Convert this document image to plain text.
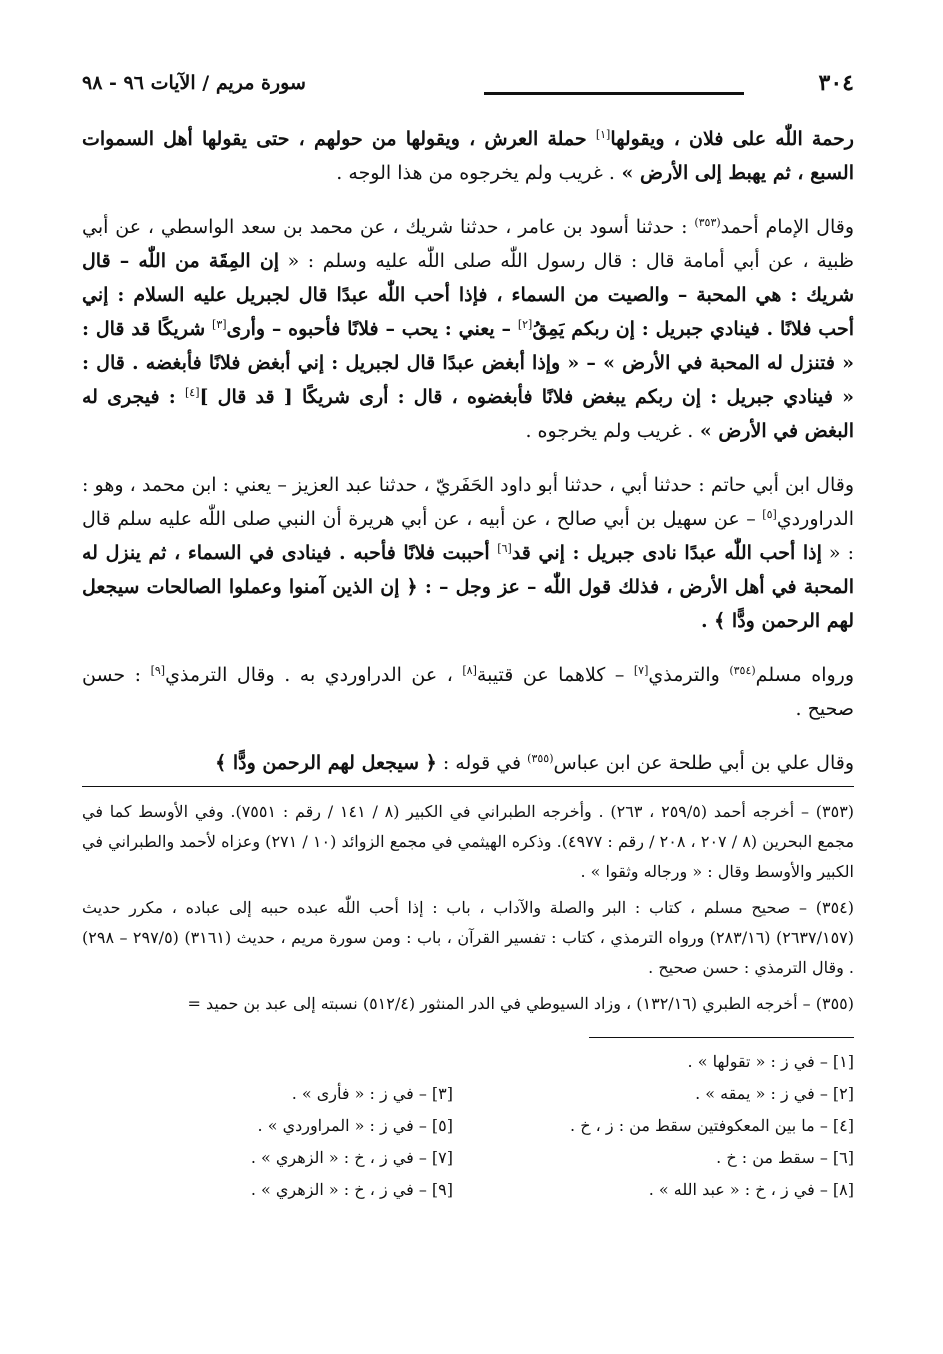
٣٠٤
سورة مريم / الآيات ٩٦ - ٩٨

رحمة اللّٰه على فلان ، ويقولها[١] حملة العرش ، ويقولها من حولهم ، حتى يقولها أهل السموات السبع ، ثم يهبط إلى الأرض » . غريب ولم يخرجوه من هذا الوجه .

وقال الإمام أحمد$^{(٣٥٣)}$ : حدثنا أسود بن عامر ، حدثنا شريك ، عن محمد بن سعد الواسطي ، عن أبي ظبية ، عن أبي أمامة قال : قال رسول اللّٰه صلى اللّٰه عليه وسلم : « إن المِقَة من اللّٰه – قال شريك : هي المحبة – والصيت من السماء ، فإذا أحب اللّٰه عبدًا قال لجبريل عليه السلام : إني أحب فلانًا . فينادي جبريل : إن ربكم يَمِقُ[٢] – يعني : يحب – فلانًا فأحبوه – وأرى[٣] شريكًا قد قال : « فتنزل له المحبة في الأرض » – « وإذا أبغض عبدًا قال لجبريل : إني أبغض فلانًا فأبغضه . قال : « فينادي جبريل : إن ربكم يبغض فلانًا فأبغضوه ، قال : أرى شريكًا [ قد قال ][٤] : فيجرى له البغض في الأرض » . غريب ولم يخرجوه .

وقال ابن أبي حاتم : حدثنا أبي ، حدثنا أبو داود الحَفَريّ ، حدثنا عبد العزيز – يعني : ابن محمد ، وهو : الدراوردي[٥] – عن سهيل بن أبي صالح ، عن أبيه ، عن أبي هريرة أن النبي صلى اللّٰه عليه سلم قال : « إذا أحب اللّٰه عبدًا نادى جبريل : إني قد[٦] أحببت فلانًا فأحبه . فينادى في السماء ، ثم ينزل له المحبة في أهل الأرض ، فذلك قول اللّٰه – عز وجل – : ﴿ إن الذين آمنوا وعملوا الصالحات سيجعل لهم الرحمن ودًّا ﴾ .

ورواه مسلم$^{(٣٥٤)}$ والترمذي[٧] – كلاهما عن قتيبة[٨] ، عن الدراوردي به . وقال الترمذي[٩] : حسن صحيح .

وقال علي بن أبي طلحة عن ابن عباس$^{(٣٥٥)}$ في قوله : ﴿ سيجعل لهم الرحمن ودًّا ﴾

(٣٥٣) – أخرجه أحمد (٢٥٩/٥ ، ٢٦٣) . وأخرجه الطبراني في الكبير (٨ / ١٤١ / رقم : ٧٥٥١). وفي الأوسط كما في مجمع البحرين (٨ / ٢٠٧ ، ٢٠٨ / رقم : ٤٩٧٧). وذكره الهيثمي في مجمع الزوائد (١٠ / ٢٧١) وعزاه لأحمد والطبراني في الكبير والأوسط وقال : « ورجاله وثقوا » .

(٣٥٤) – صحيح مسلم ، كتاب : البر والصلة والآداب ، باب : إذا أحب اللّٰه عبده حببه إلى عباده ، مكرر حديث (٢٦٣٧/١٥٧) (٢٨٣/١٦) ورواه الترمذي ، كتاب : تفسير القرآن ، باب : ومن سورة مريم ، حديث (٣١٦١) (٢٩٧/٥ – ٢٩٨) . وقال الترمذي : حسن صحيح .

(٣٥٥) – أخرجه الطبري (١٣٢/١٦) ، وزاد السيوطي في الدر المنثور (٥١٢/٤) نسبته إلى عبد بن حميد =

[١] – في ز : « تقولها » .
[٢] – في ز : « يمقه » .
[٣] – في ز : « فأرى » .
[٤] – ما بين المعكوفتين سقط من : ز ، خ .
[٥] – في ز : « المراوردي » .
[٦] – سقط من : خ .
[٧] – في ز ، خ : « الزهري » .
[٨] – في ز ، خ : « عبد الله » .
[٩] – في ز ، خ : « الزهري » .
